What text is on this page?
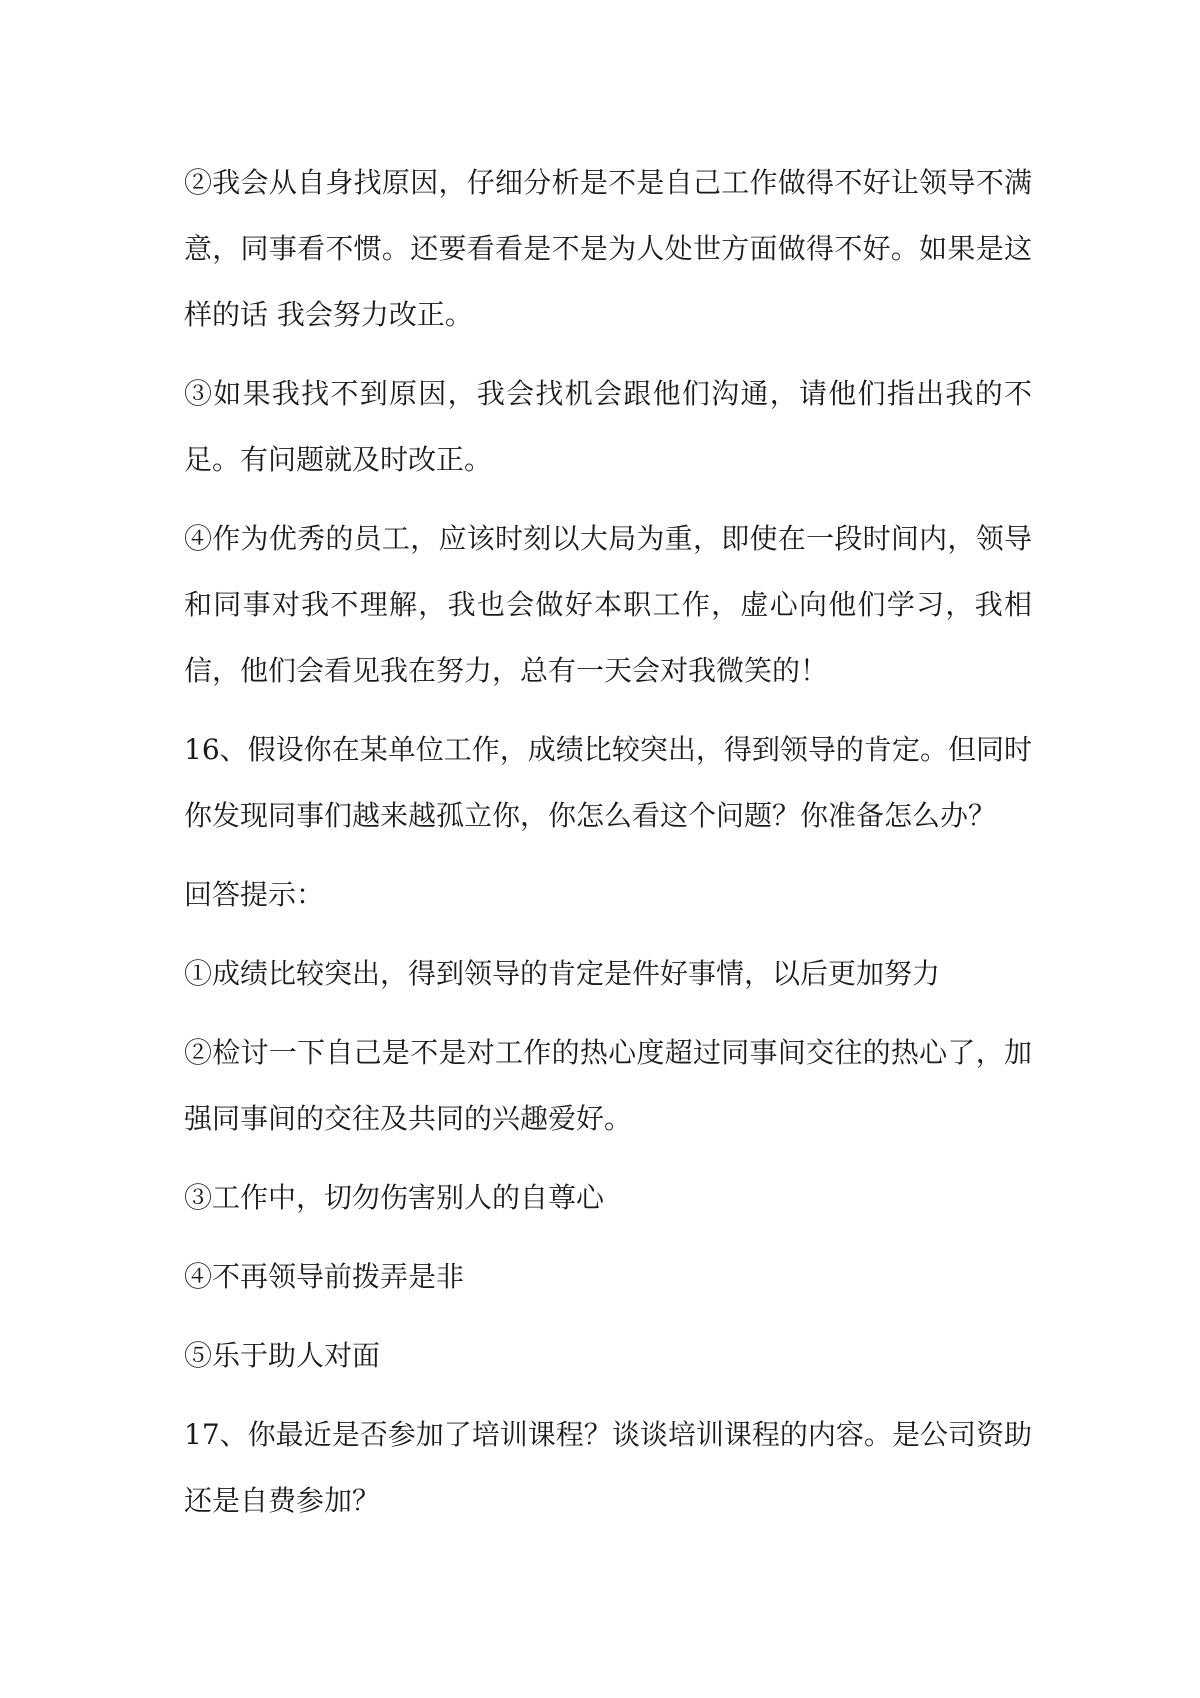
②我会从自身找原因，仔细分析是不是自己工作做得不好让领导不满意，同事看不惯。还要看看是不是为人处世方面做得不好。如果是这样的话 我会努力改正。

③如果我找不到原因，我会找机会跟他们沟通，请他们指出我的不足。有问题就及时改正。

④作为优秀的员工，应该时刻以大局为重，即使在一段时间内，领导和同事对我不理解，我也会做好本职工作，虚心向他们学习，我相信，他们会看见我在努力，总有一天会对我微笑的！

16、假设你在某单位工作，成绩比较突出，得到领导的肯定。但同时你发现同事们越来越孤立你，你怎么看这个问题？你准备怎么办？

回答提示：

①成绩比较突出，得到领导的肯定是件好事情，以后更加努力

②检讨一下自己是不是对工作的热心度超过同事间交往的热心了，加强同事间的交往及共同的兴趣爱好。

③工作中，切勿伤害别人的自尊心

④不再领导前拨弄是非

⑤乐于助人对面

17、你最近是否参加了培训课程？谈谈培训课程的内容。是公司资助还是自费参加？
